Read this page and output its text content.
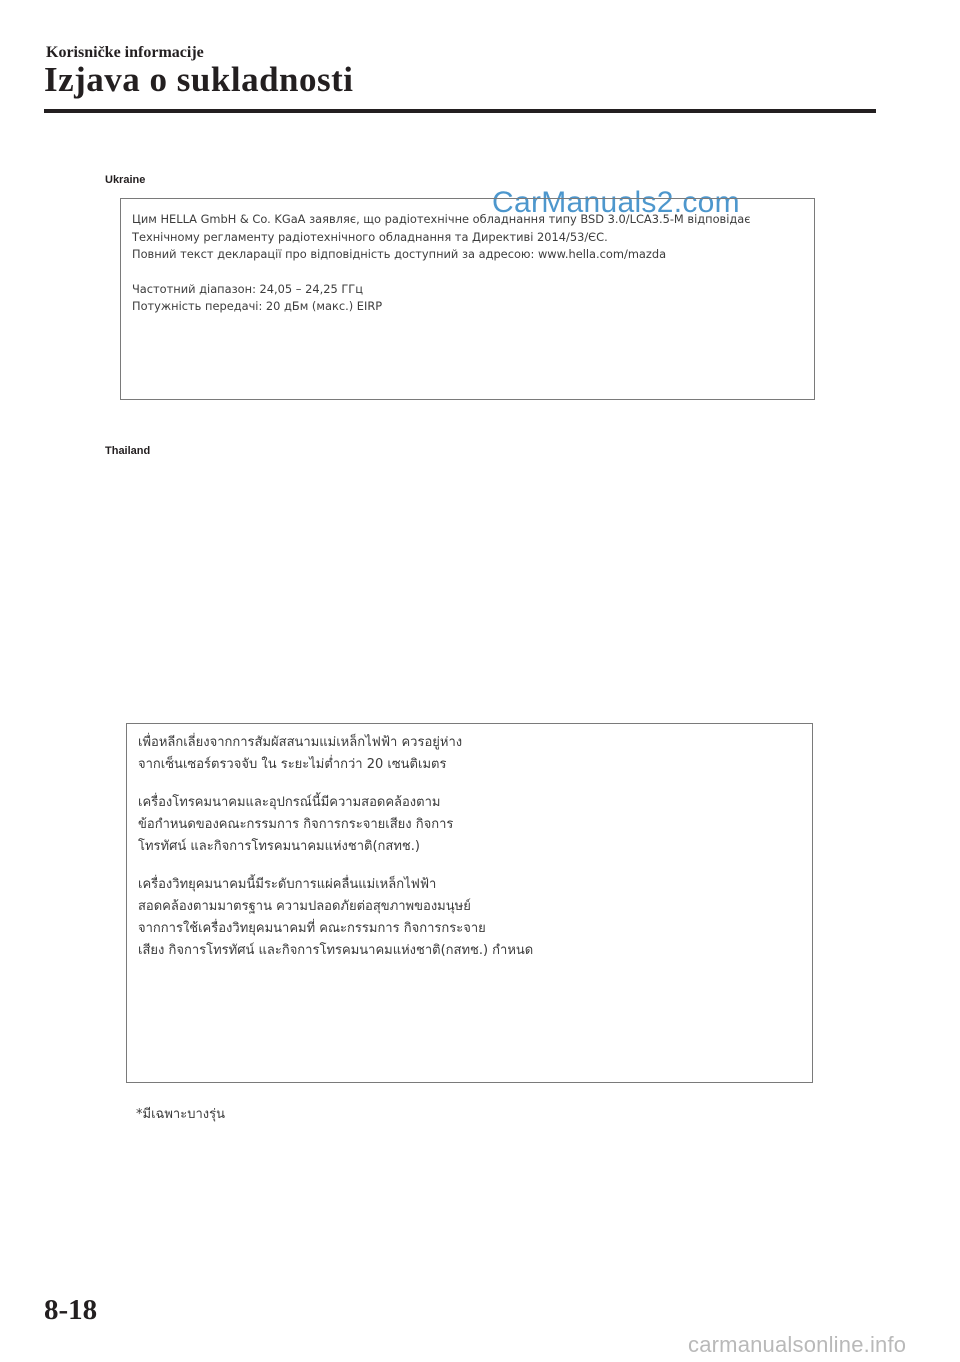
Korisničke informacije
Izjava o sukladnosti
CarManuals2.com
Ukraine

Цим HELLA GmbH & Co. KGaA заявляє, що радіотехнічне обладнання типу BSD 3.0/LCA3.5-M відповідає

Технічному регламенту радіотехнічного обладнання та Директиві 2014/53/ЄС.

Повний текст декларації про відповідність доступний за адресою: www.hella.com/mazda

Частотний діапазон: 24,05 – 24,25 ГГц

Потужність передачі: 20 дБм (макс.) EIRP

Thailand

เพื่อหลีกเลี่ยงจากการสัมผัสสนามแม่เหล็กไฟฟ้า ควรอยู่ห่าง

จากเซ็นเซอร์ตรวจจับ ใน ระยะไม่ต่ำกว่า 20 เซนติเมตร

เครื่องโทรคมนาคมและอุปกรณ์นี้มีความสอดคล้องตาม

ข้อกำหนดของคณะกรรมการ กิจการกระจายเสียง กิจการ

โทรทัศน์ และกิจการโทรคมนาคมแห่งชาติ(กสทช.)

เครื่องวิทยุคมนาคมนี้มีระดับการแผ่คลื่นแม่เหล็กไฟฟ้า

สอดคล้องตามมาตรฐาน ความปลอดภัยต่อสุขภาพของมนุษย์

จากการใช้เครื่องวิทยุคมนาคมที่ คณะกรรมการ กิจการกระจาย

เสียง กิจการโทรทัศน์ และกิจการโทรคมนาคมแห่งชาติ(กสทช.) กำหนด

*มีเฉพาะบางรุ่น
8-18
carmanualsonline.info
